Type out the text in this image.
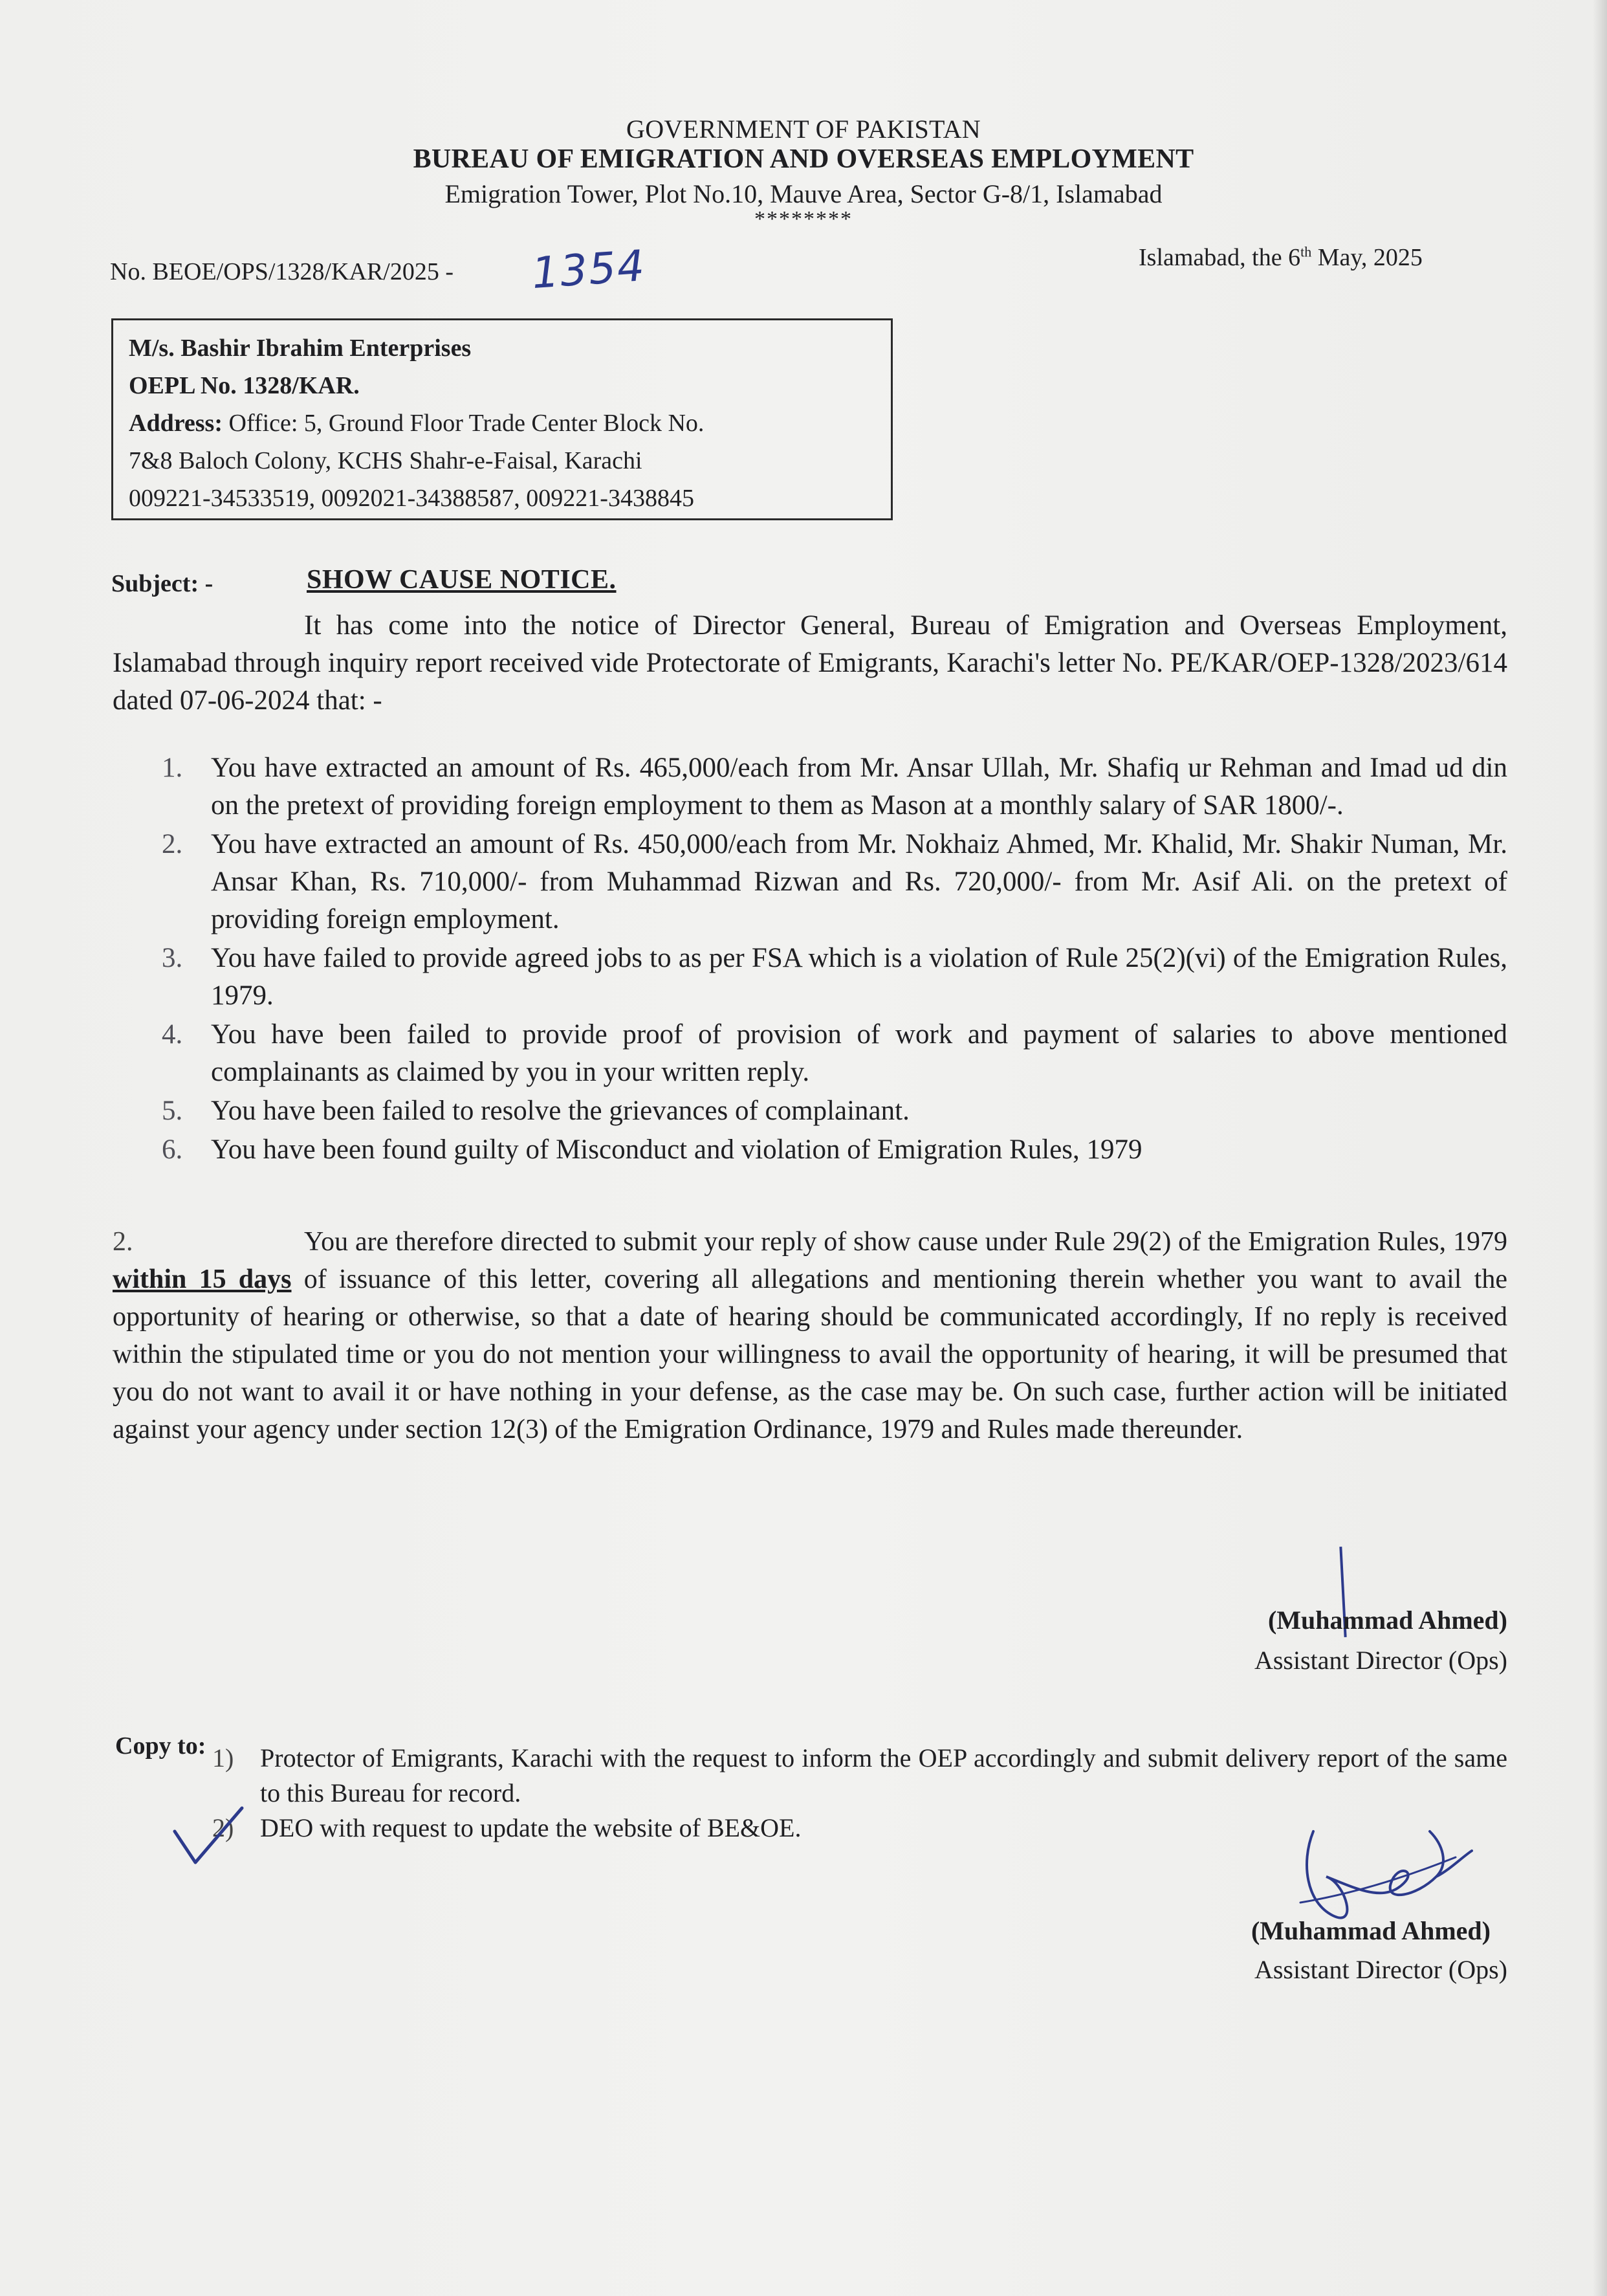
GOVERNMENT OF PAKISTAN
BUREAU OF EMIGRATION AND OVERSEAS EMPLOYMENT
Emigration Tower, Plot No.10, Mauve Area, Sector G-8/1, Islamabad
********
No. BEOE/OPS/1328/KAR/2025 - 1354	Islamabad, the 6th May, 2025
M/s. Bashir Ibrahim Enterprises
OEPL No. 1328/KAR.
Address: Office: 5, Ground Floor Trade Center Block No.
7&8 Baloch Colony, KCHS Shahr-e-Faisal, Karachi
009221-34533519, 0092021-34388587, 009221-3438845
Subject: -	SHOW CAUSE NOTICE.
It has come into the notice of Director General, Bureau of Emigration and Overseas Employment, Islamabad through inquiry report received vide Protectorate of Emigrants, Karachi's letter No. PE/KAR/OEP-1328/2023/614 dated 07-06-2024 that: -
1. You have extracted an amount of Rs. 465,000/each from Mr. Ansar Ullah, Mr. Shafiq ur Rehman and Imad ud din on the pretext of providing foreign employment to them as Mason at a monthly salary of SAR 1800/-.
2. You have extracted an amount of Rs. 450,000/each from Mr. Nokhaiz Ahmed, Mr. Khalid, Mr. Shakir Numan, Mr. Ansar Khan, Rs. 710,000/- from Muhammad Rizwan and Rs. 720,000/- from Mr. Asif Ali. on the pretext of providing foreign employment.
3. You have failed to provide agreed jobs to as per FSA which is a violation of Rule 25(2)(vi) of the Emigration Rules, 1979.
4. You have been failed to provide proof of provision of work and payment of salaries to above mentioned complainants as claimed by you in your written reply.
5. You have been failed to resolve the grievances of complainant.
6. You have been found guilty of Misconduct and violation of Emigration Rules, 1979
2.	You are therefore directed to submit your reply of show cause under Rule 29(2) of the Emigration Rules, 1979 within 15 days of issuance of this letter, covering all allegations and mentioning therein whether you want to avail the opportunity of hearing or otherwise, so that a date of hearing should be communicated accordingly, If no reply is received within the stipulated time or you do not mention your willingness to avail the opportunity of hearing, it will be presumed that you do not want to avail it or have nothing in your defense, as the case may be. On such case, further action will be initiated against your agency under section 12(3) of the Emigration Ordinance, 1979 and Rules made thereunder.
(Muhammad Ahmed)
Assistant Director (Ops)
Copy to: 1) Protector of Emigrants, Karachi with the request to inform the OEP accordingly and submit delivery report of the same to this Bureau for record.
2) DEO with request to update the website of BE&OE.
(Muhammad Ahmed)
Assistant Director (Ops)
